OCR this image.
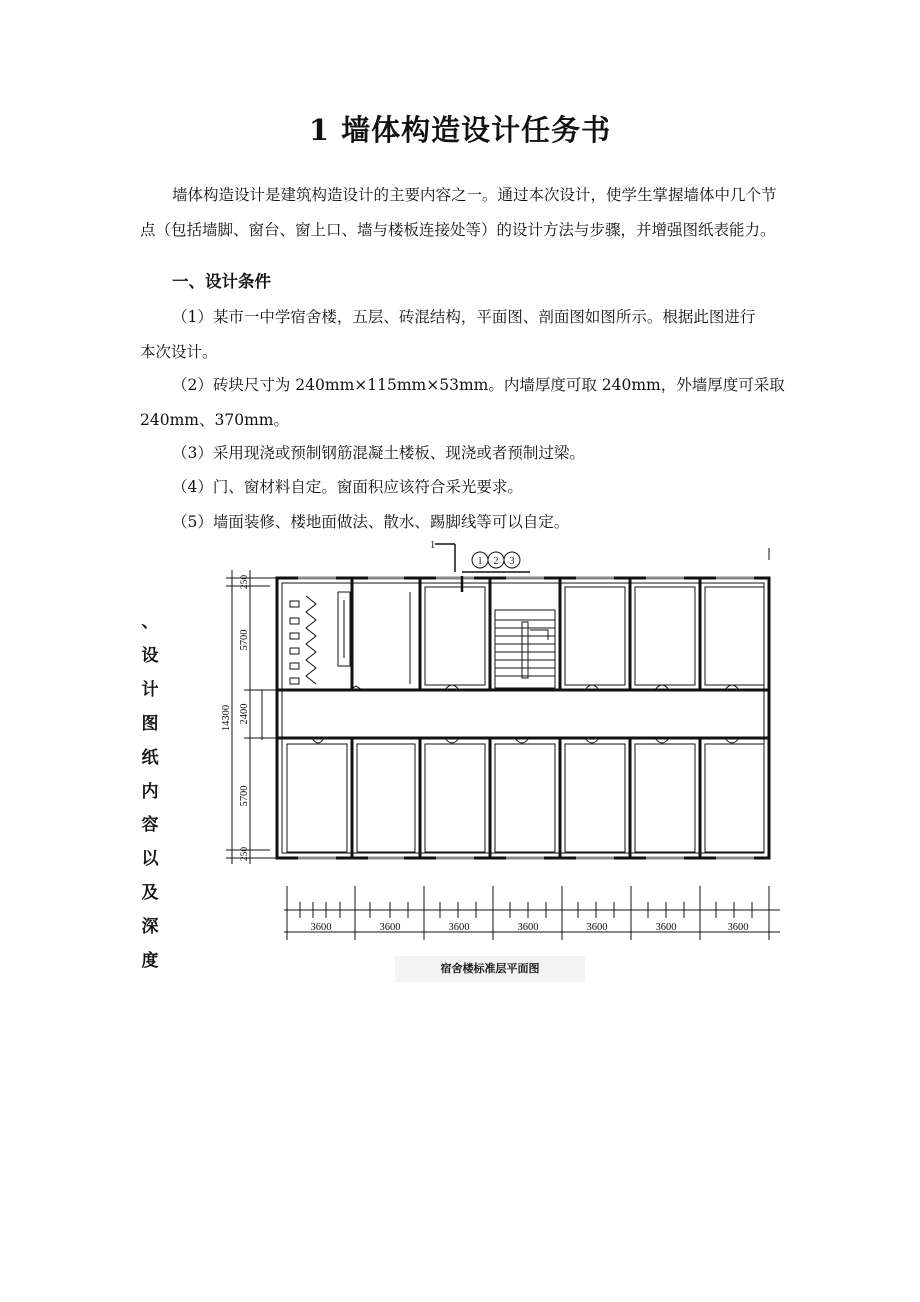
1 墙体构造设计任务书

墙体构造设计是建筑构造设计的主要内容之一。通过本次设计，使学生掌握墙体中几个节点（包括墙脚、窗台、窗上口、墙与楼板连接处等）的设计方法与步骤，并增强图纸表能力。

一、设计条件
（1）某市一中学宿舍楼，五层、砖混结构，平面图、剖面图如图所示。根据此图进行
本次设计。
（2）砖块尺寸为 240mm×115mm×53mm。内墙厚度可取 240mm，外墙厚度可采取
240mm、370mm。
（3）采用现浇或预制钢筋混凝土楼板、现浇或者预制过梁。
（4）门、窗材料自定。窗面积应该符合采光要求。
（5）墙面装修、楼地面做法、散水、踢脚线等可以自定。
、
设
计
图
纸
内
容
以
及
深
度
1
1 2 3
14300
250
5700
2400
5700
250
3600	3600	3600	3600	3600	3600	3600
宿舍楼标准层平面图
